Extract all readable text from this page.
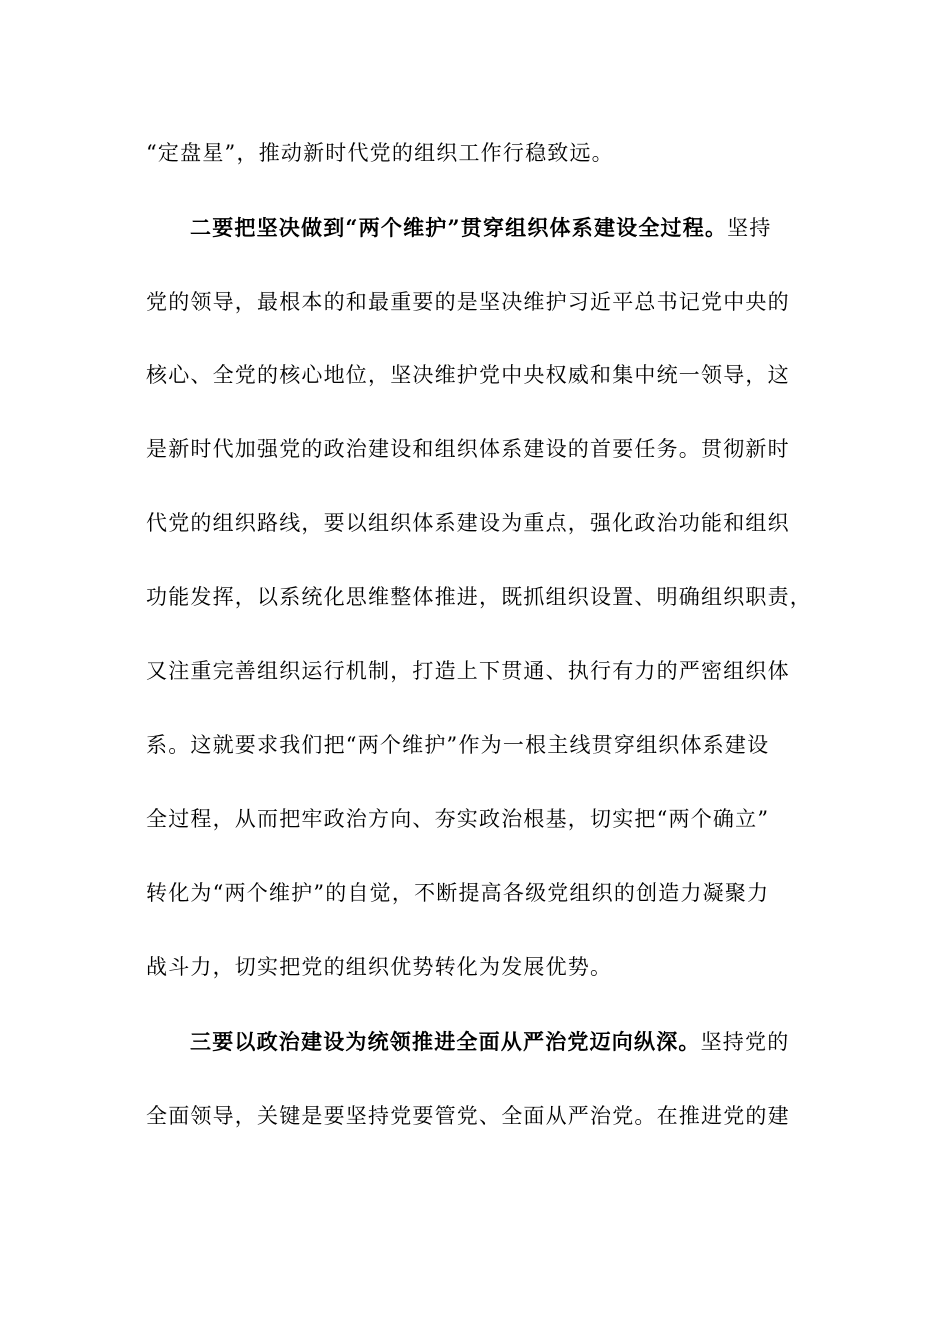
“定盘星”，推动新时代党的组织工作行稳致远。
二要把坚决做到“两个维护”贯穿组织体系建设全过程。坚持
党的领导，最根本的和最重要的是坚决维护习近平总书记党中央的
核心、全党的核心地位，坚决维护党中央权威和集中统一领导，这
是新时代加强党的政治建设和组织体系建设的首要任务。贯彻新时
代党的组织路线，要以组织体系建设为重点，强化政治功能和组织
功能发挥，以系统化思维整体推进，既抓组织设置、明确组织职责，
又注重完善组织运行机制，打造上下贯通、执行有力的严密组织体
系。这就要求我们把“两个维护”作为一根主线贯穿组织体系建设
全过程，从而把牢政治方向、夯实政治根基，切实把“两个确立”
转化为“两个维护”的自觉，不断提高各级党组织的创造力凝聚力
战斗力，切实把党的组织优势转化为发展优势。
三要以政治建设为统领推进全面从严治党迈向纵深。坚持党的
全面领导，关键是要坚持党要管党、全面从严治党。在推进党的建
